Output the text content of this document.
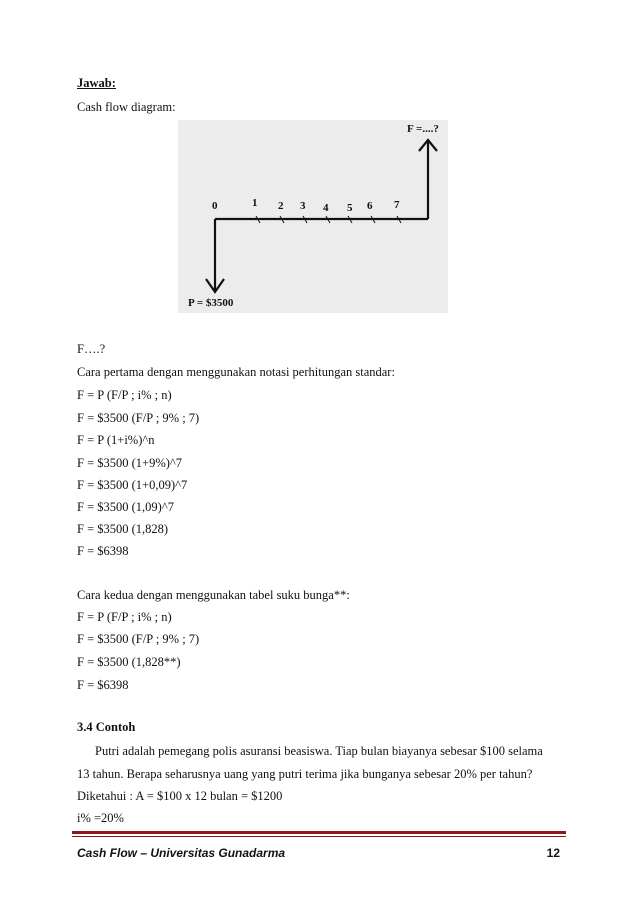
Jawab:
Cash flow diagram:
0	1 2 3 4 5 6 7
F =....?
P = $3500
F….?
Cara pertama dengan menggunakan notasi perhitungan standar:
F = P (F/P ; i% ; n)
F = $3500 (F/P ; 9% ; 7)
F = P (1+i%)^n
F = $3500 (1+9%)^7
F = $3500 (1+0,09)^7
F = $3500 (1,09)^7
F = $3500 (1,828)
F = $6398
Cara kedua dengan menggunakan tabel suku bunga**:
F = P (F/P ; i% ; n)
F = $3500 (F/P ; 9% ; 7)
F = $3500 (1,828**)
F = $6398
3.4 Contoh
Putri adalah pemegang polis asuransi beasiswa. Tiap bulan biayanya sebesar $100 selama
13 tahun. Berapa seharusnya uang yang putri terima jika bunganya sebesar 20% per tahun?
Diketahui : A = $100 x 12 bulan = $1200
i% =20%
Cash Flow – Universitas Gunadarma	12
